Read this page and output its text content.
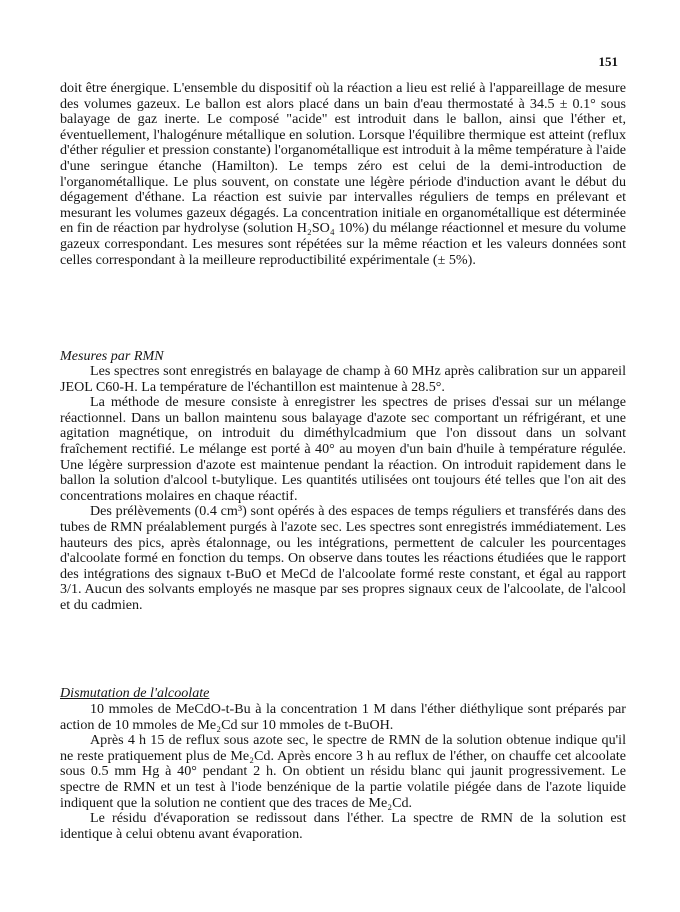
151

doit être énergique. L'ensemble du dispositif où la réaction a lieu est relié à l'appareillage de mesure des volumes gazeux. Le ballon est alors placé dans un bain d'eau thermostaté à 34.5 ± 0.1° sous balayage de gaz inerte. Le composé "acide" est introduit dans le ballon, ainsi que l'éther et, éventuellement, l'halogénure métallique en solution. Lorsque l'équilibre thermique est atteint (reflux d'éther régulier et pression constante) l'organométallique est introduit à la même température à l'aide d'une seringue étanche (Hamilton). Le temps zéro est celui de la demi-introduction de l'organométallique. Le plus souvent, on constate une légère période d'induction avant le début du dégagement d'éthane. La réaction est suivie par intervalles réguliers de temps en prélevant et mesurant les volumes gazeux dégagés. La concentration initiale en organométallique est déterminée en fin de réaction par hydrolyse (solution H₂SO₄ 10%) du mélange réactionnel et mesure du volume gazeux correspondant. Les mesures sont répétées sur la même réaction et les valeurs données sont celles correspondant à la meilleure reproductibilité expérimentale (± 5%).

Mesures par RMN

Les spectres sont enregistrés en balayage de champ à 60 MHz après calibration sur un appareil JEOL C60-H. La température de l'échantillon est maintenue à 28.5°.

La méthode de mesure consiste à enregistrer les spectres de prises d'essai sur un mélange réactionnel. Dans un ballon maintenu sous balayage d'azote sec comportant un réfrigérant, et une agitation magnétique, on introduit du diméthylcadmium que l'on dissout dans un solvant fraîchement rectifié. Le mélange est porté à 40° au moyen d'un bain d'huile à température régulée. Une légère surpression d'azote est maintenue pendant la réaction. On introduit rapidement dans le ballon la solution d'alcool t-butylique. Les quantités utilisées ont toujours été telles que l'on ait des concentrations molaires en chaque réactif.

Des prélèvements (0.4 cm³) sont opérés à des espaces de temps réguliers et transférés dans des tubes de RMN préalablement purgés à l'azote sec. Les spectres sont enregistrés immédiatement. Les hauteurs des pics, après étalonnage, ou les intégrations, permettent de calculer les pourcentages d'alcoolate formé en fonction du temps. On observe dans toutes les réactions étudiées que le rapport des intégrations des signaux t-BuO et MeCd de l'alcoolate formé reste constant, et égal au rapport 3/1. Aucun des solvants employés ne masque par ses propres signaux ceux de l'alcoolate, de l'alcool et du cadmien.

Dismutation de l'alcoolate

10 mmoles de MeCdO-t-Bu à la concentration 1 M dans l'éther diéthylique sont préparés par action de 10 mmoles de Me₂Cd sur 10 mmoles de t-BuOH.

Après 4 h 15 de reflux sous azote sec, le spectre de RMN de la solution obtenue indique qu'il ne reste pratiquement plus de Me₂Cd. Après encore 3 h au reflux de l'éther, on chauffe cet alcoolate sous 0.5 mm Hg à 40° pendant 2 h. On obtient un résidu blanc qui jaunit progressivement. Le spectre de RMN et un test à l'iode benzénique de la partie volatile piégée dans de l'azote liquide indiquent que la solution ne contient que des traces de Me₂Cd.

Le résidu d'évaporation se redissout dans l'éther. La spectre de RMN de la solution est identique à celui obtenu avant évaporation.
